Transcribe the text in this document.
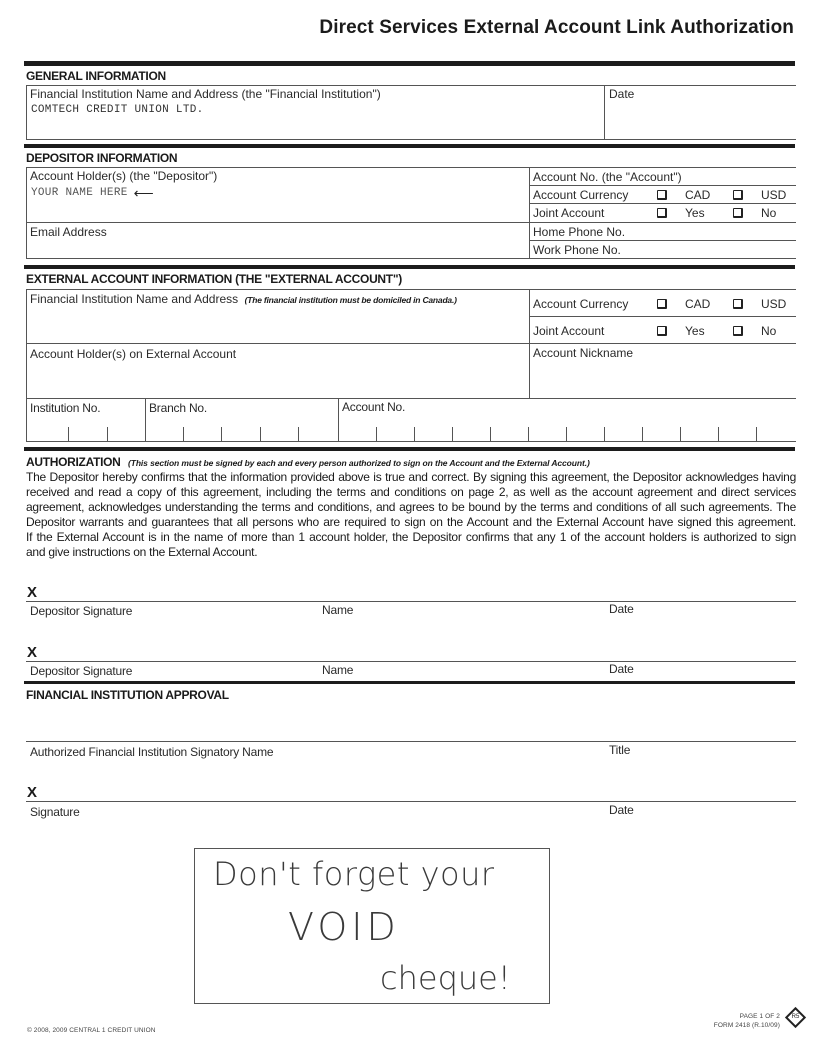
Direct Services External Account Link Authorization
GENERAL INFORMATION
Financial Institution Name and Address (the "Financial Institution")
COMTECH CREDIT UNION LTD.
Date
DEPOSITOR INFORMATION
Account Holder(s) (the "Depositor")
YOUR NAME HERE ⟵
Email Address
Account No. (the "Account")
Account Currency	CAD	USD
Joint Account	Yes	No
Home Phone No.
Work Phone No.
EXTERNAL ACCOUNT INFORMATION (THE "EXTERNAL ACCOUNT")
Financial Institution Name and Address (The financial institution must be domiciled in Canada.)	Account Currency	CAD	USD
Joint Account	Yes	No
Account Holder(s) on External Account	Account Nickname
Institution No.	Branch No.	Account No.
AUTHORIZATION (This section must be signed by each and every person authorized to sign on the Account and the External Account.)
The Depositor hereby confirms that the information provided above is true and correct. By signing this agreement, the Depositor acknowledges having
received and read a copy of this agreement, including the terms and conditions on page 2, as well as the account agreement and direct services
agreement, acknowledges understanding the terms and conditions, and agrees to be bound by the terms and conditions of all such agreements. The
Depositor warrants and guarantees that all persons who are required to sign on the Account and the External Account have signed this agreement.
If the External Account is in the name of more than 1 account holder, the Depositor confirms that any 1 of the account holders is authorized to sign
and give instructions on the External Account.
X
Depositor Signature	Name	Date
X
Depositor Signature	Name	Date
FINANCIAL INSTITUTION APPROVAL
Authorized Financial Institution Signatory Name	Title
X
Signature	Date
Don't forget your
VOID
cheque!
© 2008, 2009 CENTRAL 1 CREDIT UNION
PAGE 1 OF 2
FORM 2418 (R.10/09)
R5
